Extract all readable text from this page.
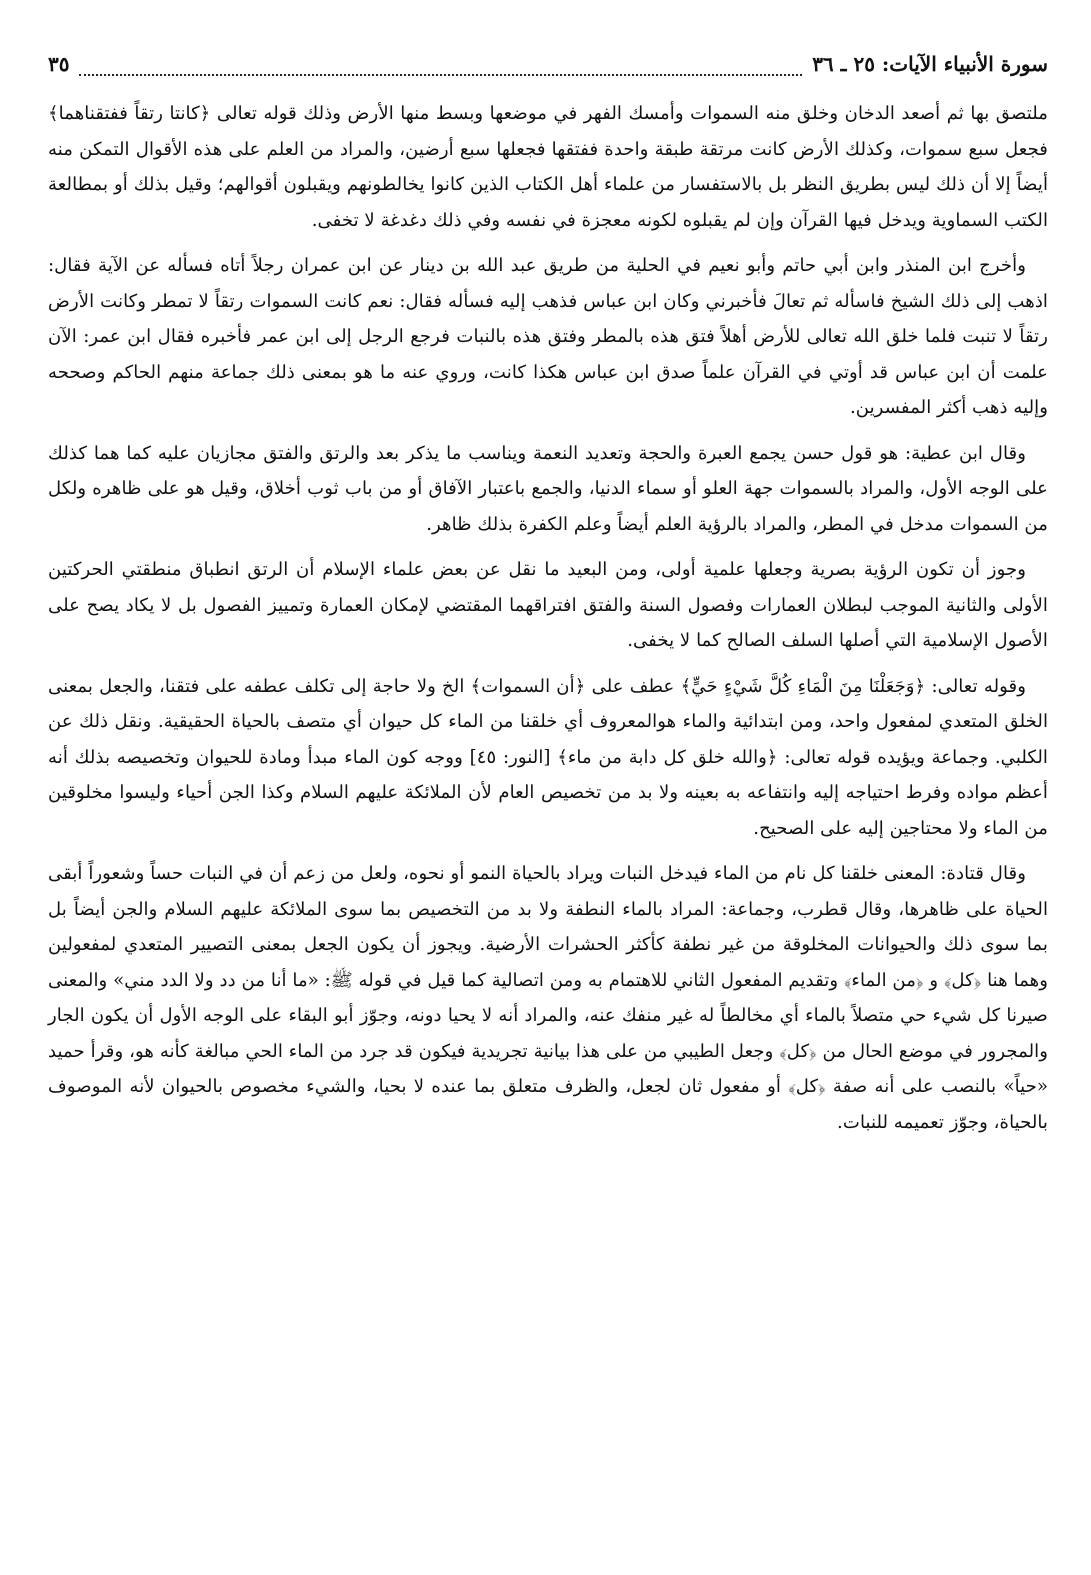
سورة الأنبياء الآيات: ٢٥ ـ ٣٦
٣٥

ملتصق بها ثم أصعد الدخان وخلق منه السموات وأمسك الفهر في موضعها وبسط منها الأرض وذلك قوله تعالى ﴿كانتا رتقاً ففتقناهما﴾ فجعل سبع سموات، وكذلك الأرض كانت مرتقة طبقة واحدة ففتقها فجعلها سبع أرضين، والمراد من العلم على هذه الأقوال التمكن منه أيضاً إلا أن ذلك ليس بطريق النظر بل بالاستفسار من علماء أهل الكتاب الذين كانوا يخالطونهم ويقبلون أقوالهم؛ وقيل بذلك أو بمطالعة الكتب السماوية ويدخل فيها القرآن وإن لم يقبلوه لكونه معجزة في نفسه وفي ذلك دغدغة لا تخفى.

وأخرج ابن المنذر وابن أبي حاتم وأبو نعيم في الحلية من طريق عبد الله بن دينار عن ابن عمران رجلاً أتاه فسأله عن الآية فقال: اذهب إلى ذلك الشيخ فاسأله ثم تعالَ فأخبرني وكان ابن عباس فذهب إليه فسأله فقال: نعم كانت السموات رتقاً لا تمطر وكانت الأرض رتقاً لا تنبت فلما خلق الله تعالى للأرض أهلاً فتق هذه بالمطر وفتق هذه بالنبات فرجع الرجل إلى ابن عمر فأخبره فقال ابن عمر: الآن علمت أن ابن عباس قد أوتي في القرآن علماً صدق ابن عباس هكذا كانت، وروي عنه ما هو بمعنى ذلك جماعة منهم الحاكم وصححه وإليه ذهب أكثر المفسرين.

وقال ابن عطية: هو قول حسن يجمع العبرة والحجة وتعديد النعمة ويناسب ما يذكر بعد والرتق والفتق مجازيان عليه كما هما كذلك على الوجه الأول، والمراد بالسموات جهة العلو أو سماء الدنيا، والجمع باعتبار الآفاق أو من باب ثوب أخلاق، وقيل هو على ظاهره ولكل من السموات مدخل في المطر، والمراد بالرؤية العلم أيضاً وعلم الكفرة بذلك ظاهر.

وجوز أن تكون الرؤية بصرية وجعلها علمية أولى، ومن البعيد ما نقل عن بعض علماء الإسلام أن الرتق انطباق منطقتي الحركتين الأولى والثانية الموجب لبطلان العمارات وفصول السنة والفتق افتراقهما المقتضي لإمكان العمارة وتمييز الفصول بل لا يكاد يصح على الأصول الإسلامية التي أصلها السلف الصالح كما لا يخفى.

وقوله تعالى: ﴿وَجَعَلْنَا مِنَ الْمَاءِ كُلَّ شَيْءٍ حَيٍّ﴾ عطف على ﴿أن السموات﴾ الخ ولا حاجة إلى تكلف عطفه على فتقنا، والجعل بمعنى الخلق المتعدي لمفعول واحد، ومن ابتدائية والماء هوالمعروف أي خلقنا من الماء كل حيوان أي متصف بالحياة الحقيقية. ونقل ذلك عن الكلبي. وجماعة ويؤيده قوله تعالى: ﴿والله خلق كل دابة من ماء﴾ [النور: ٤٥] ووجه كون الماء مبدأ ومادة للحيوان وتخصيصه بذلك أنه أعظم مواده وفرط احتياجه إليه وانتفاعه به بعينه ولا بد من تخصيص العام لأن الملائكة عليهم السلام وكذا الجن أحياء وليسوا مخلوقين من الماء ولا محتاجين إليه على الصحيح.

وقال قتادة: المعنى خلقنا كل نام من الماء فيدخل النبات ويراد بالحياة النمو أو نحوه، ولعل من زعم أن في النبات حساً وشعوراً أبقى الحياة على ظاهرها، وقال قطرب، وجماعة: المراد بالماء النطفة ولا بد من التخصيص بما سوى الملائكة عليهم السلام والجن أيضاً بل بما سوى ذلك والحيوانات المخلوقة من غير نطفة كأكثر الحشرات الأرضية. ويجوز أن يكون الجعل بمعنى التصيير المتعدي لمفعولين وهما هنا ﴿كل﴾ و ﴿من الماء﴾ وتقديم المفعول الثاني للاهتمام به ومن اتصالية كما قيل في قوله ﷺ: «ما أنا من دد ولا الدد مني» والمعنى صيرنا كل شيء حي متصلاً بالماء أي مخالطاً له غير منفك عنه، والمراد أنه لا يحيا دونه، وجوّز أبو البقاء على الوجه الأول أن يكون الجار والمجرور في موضع الحال من ﴿كل﴾ وجعل الطيبي من على هذا بيانية تجريدية فيكون قد جرد من الماء الحي مبالغة كأنه هو، وقرأ حميد «حياً» بالنصب على أنه صفة ﴿كل﴾ أو مفعول ثان لجعل، والظرف متعلق بما عنده لا بحيا، والشيء مخصوص بالحيوان لأنه الموصوف بالحياة، وجوّز تعميمه للنبات.
